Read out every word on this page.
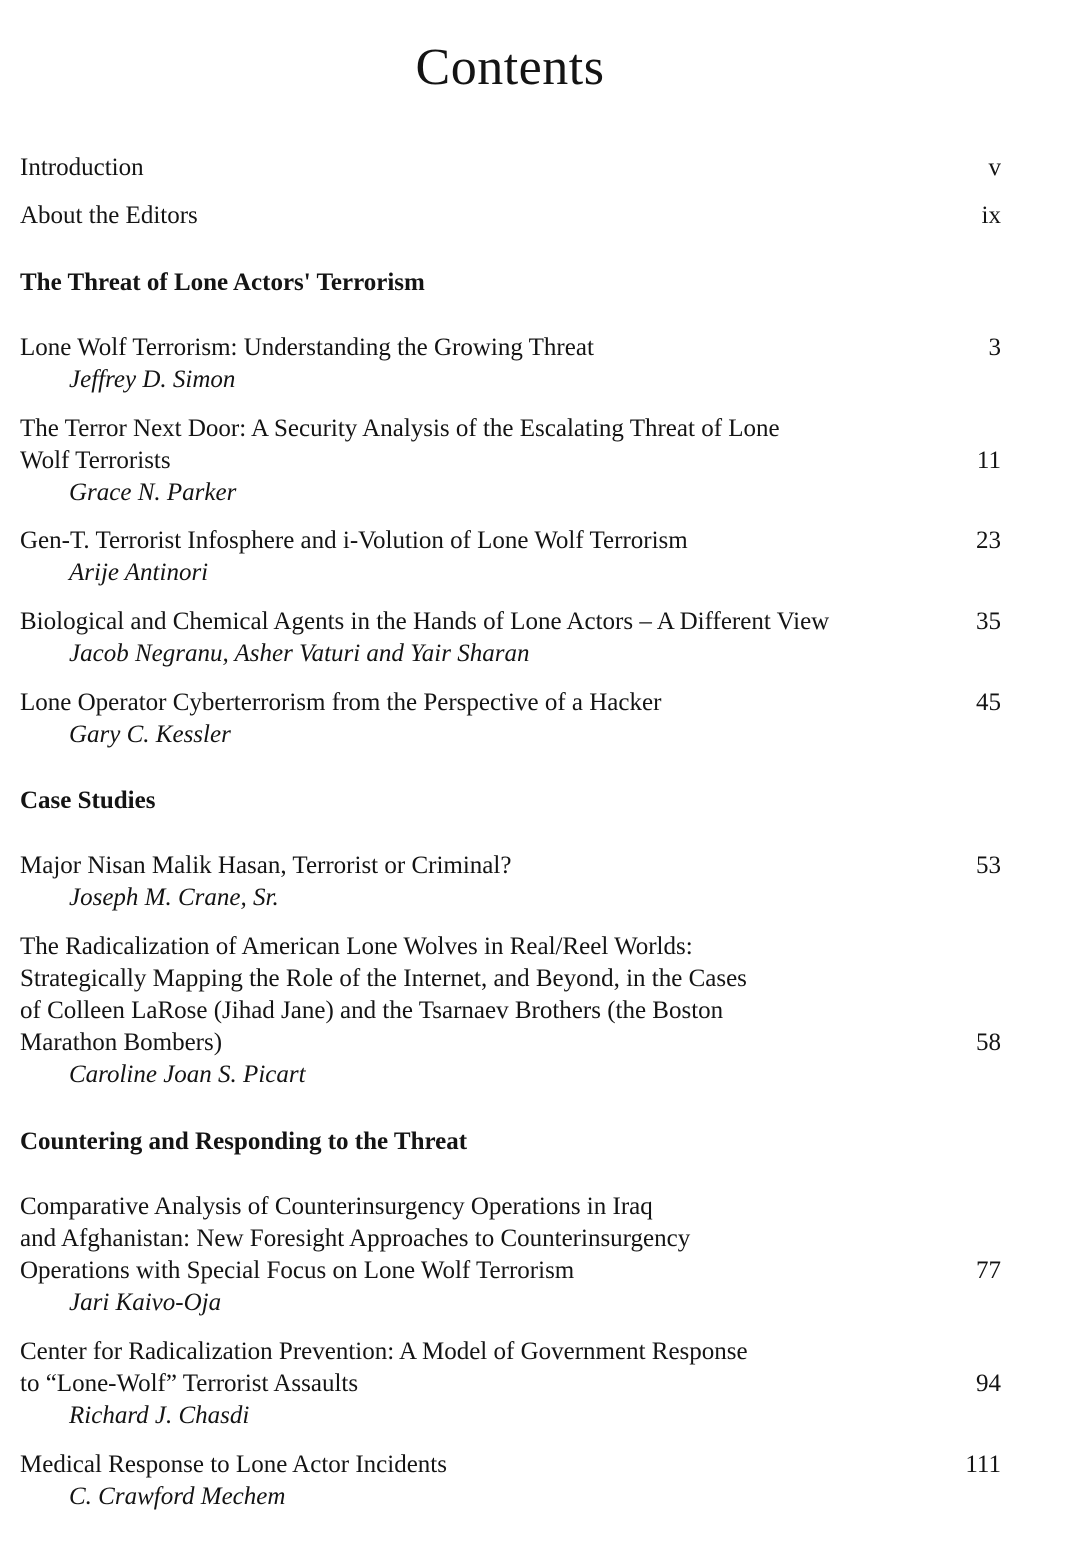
Contents
Introduction	v
About the Editors	ix
The Threat of Lone Actors' Terrorism
Lone Wolf Terrorism: Understanding the Growing Threat	3
Jeffrey D. Simon
The Terror Next Door: A Security Analysis of the Escalating Threat of Lone
Wolf Terrorists	11
Grace N. Parker
Gen-T. Terrorist Infosphere and i-Volution of Lone Wolf Terrorism	23
Arije Antinori
Biological and Chemical Agents in the Hands of Lone Actors – A Different View	35
Jacob Negranu, Asher Vaturi and Yair Sharan
Lone Operator Cyberterrorism from the Perspective of a Hacker	45
Gary C. Kessler
Case Studies
Major Nisan Malik Hasan, Terrorist or Criminal?	53
Joseph M. Crane, Sr.
The Radicalization of American Lone Wolves in Real/Reel Worlds:
Strategically Mapping the Role of the Internet, and Beyond, in the Cases
of Colleen LaRose (Jihad Jane) and the Tsarnaev Brothers (the Boston
Marathon Bombers)	58
Caroline Joan S. Picart
Countering and Responding to the Threat
Comparative Analysis of Counterinsurgency Operations in Iraq
and Afghanistan: New Foresight Approaches to Counterinsurgency
Operations with Special Focus on Lone Wolf Terrorism	77
Jari Kaivo-Oja
Center for Radicalization Prevention: A Model of Government Response
to “Lone-Wolf” Terrorist Assaults	94
Richard J. Chasdi
Medical Response to Lone Actor Incidents	111
C. Crawford Mechem
